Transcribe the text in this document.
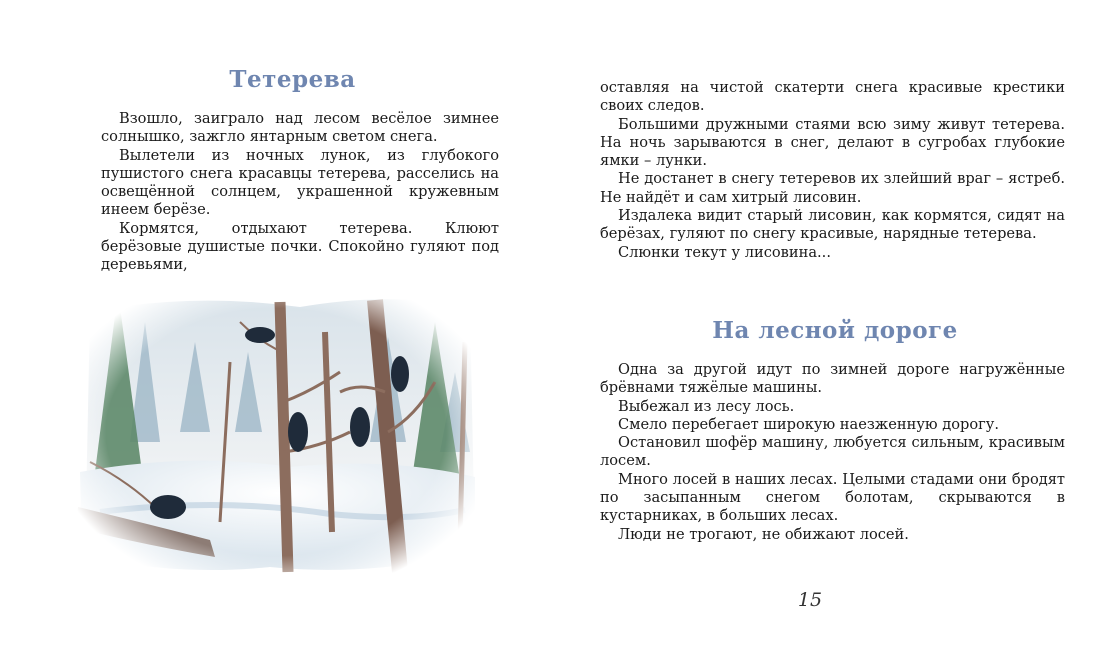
Тетерева

Взошло, заиграло над лесом весёлое зимнее солнышко, зажгло янтарным светом снега.

Вылетели из ночных лунок, из глубокого пушистого снега красавцы тетерева, расселись на освещённой солнцем, украшенной кружевным инеем берёзе.

Кормятся, отдыхают тетерева. Клюют берёзовые душистые почки. Спокойно гуляют под деревьями,

оставляя на чистой скатерти снега красивые крестики своих следов.

Большими дружными стаями всю зиму живут тетерева. На ночь зарываются в снег, делают в сугробах глубокие ямки – лунки.

Не достанет в снегу тетеревов их злейший враг – ястреб. Не найдёт и сам хитрый лисовин.

Издалека видит старый лисовин, как кормятся, сидят на берёзах, гуляют по снегу красивые, нарядные тетерева.

Слюнки текут у лисовина...

На лесной дороге

Одна за другой идут по зимней дороге нагружённые брёвнами тяжёлые машины.

Выбежал из лесу лось.

Смело перебегает широкую наезженную дорогу.

Остановил шофёр машину, любуется сильным, красивым лосем.

Много лосей в наших лесах. Целыми стадами они бродят по засыпанным снегом болотам, скрываются в кустарниках, в больших лесах.

Люди не трогают, не обижают лосей.

15
